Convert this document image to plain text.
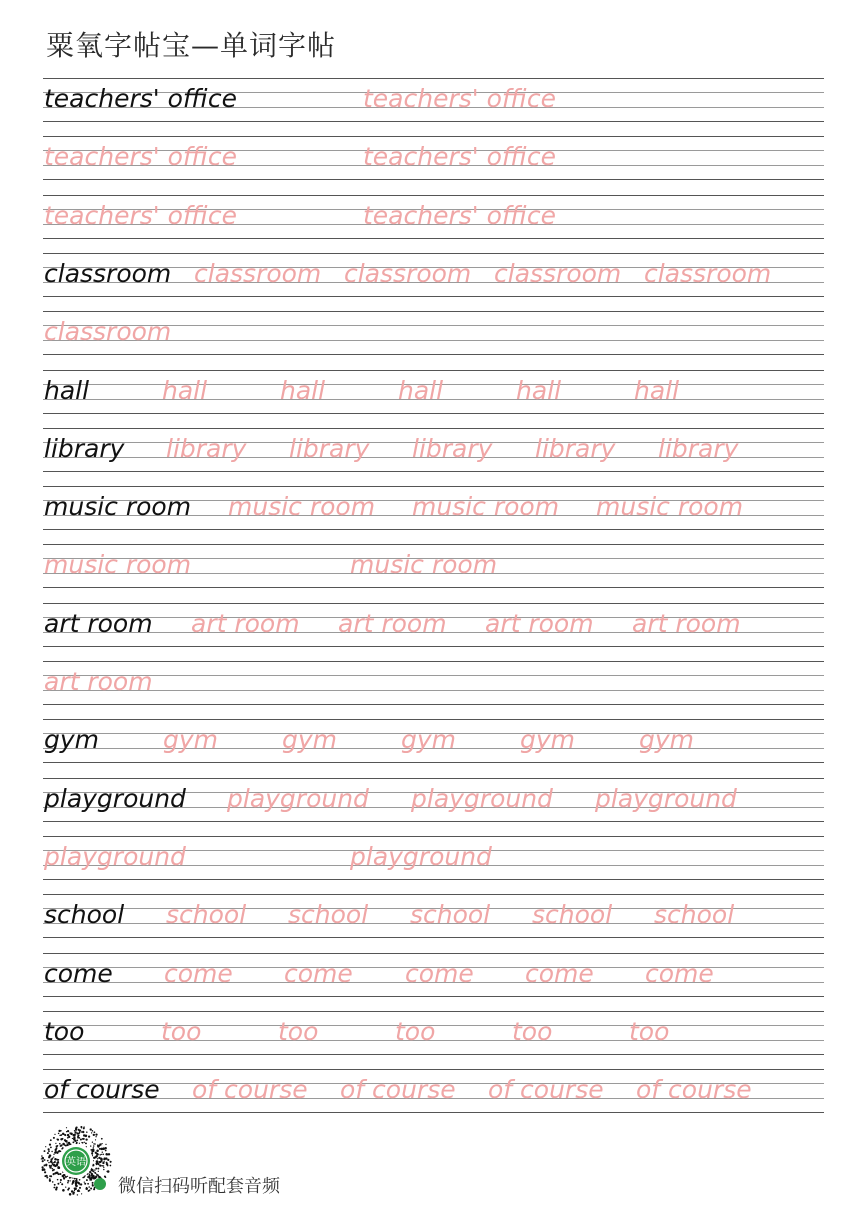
粟氧字帖宝—单词字帖
teachers' office	teachers' office
teachers' office	teachers' office
teachers' office	teachers' office
classroom classroom classroom classroom classroom
classroom
hall	hall	hall	hall	hall	hall
library library library library library library
music room music room music room music room
music room	music room
art room art room art room art room art room
art room
gym	gym	gym	gym	gym	gym
playground playground playground playground
playground	playground
school school school school school school
come come come come come come
too	too	too	too	too	too
of course of course of course of course of course
英语
微信扫码听配套音频
